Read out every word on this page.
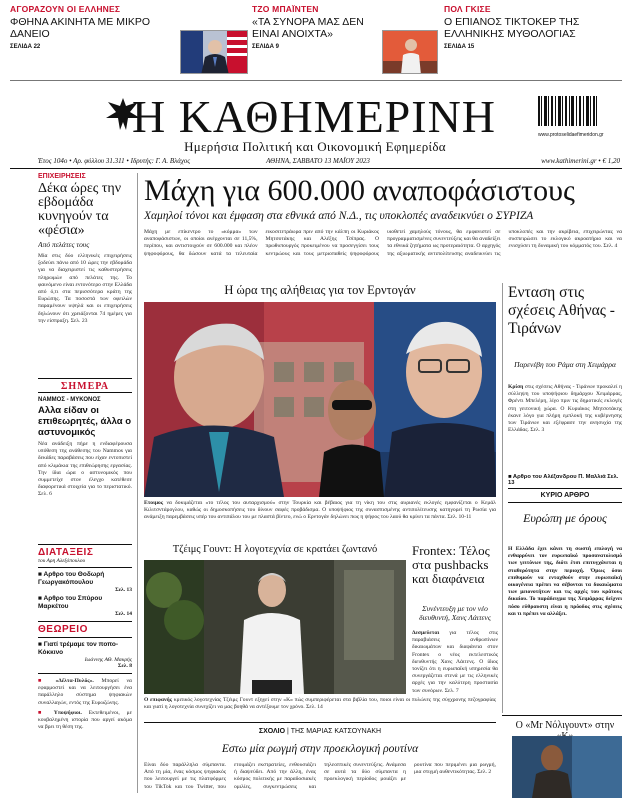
ΑΓΟΡΑΖΟΥΝ ΟΙ ΕΛΛΗΝΕΣ
ΦΘΗΝΑ ΑΚΙΝΗΤΑ ΜΕ ΜΙΚΡΟ ΔΑΝΕΙΟ
ΣΕΛΙΔΑ 22
ΤΖΟ ΜΠΑΪΝΤΕΝ
«ΤΑ ΣΥΝΟΡΑ ΜΑΣ ΔΕΝ ΕΙΝΑΙ ΑΝΟΙΧΤΑ»
ΣΕΛΙΔΑ 9
ΠΟΛ ΓΚΙΣΕ
Ο ΕΠΙΑΝΟΣ ΤΙΚΤΟΚΕΡ ΤΗΣ ΕΛΛΗΝΙΚΗΣ ΜΥΘΟΛΟΓΙΑΣ
ΣΕΛΙΔΑ 15
Η ΚΑΘΗΜΕΡΙΝΗ
Ημερήσια Πολιτική και Οικονομική Εφημερίδα
www.protoselidaefimeridon.gr
Έτος 104ο • Αρ. φύλλου 31.311 • Ιδρυτής: Γ. Α. Βλάχος	ΑΘΗΝΑ, ΣΑΒΒΑΤΟ 13 ΜΑΪΟΥ 2023	www.kathimerini.gr • € 1,20
ΕΠΙΧΕΙΡΗΣΕΙΣ
Δέκα ώρες την εβδομάδα κυνηγούν τα «φέσια»
Από πελάτες τους
Μία στις δύο ελληνικές επιχειρήσεις ξοδεύει πάνω από 10 ώρες την εβδομάδα για να διαχειριστεί τις καθυστερήσεις πληρωμών από πελάτες της. Το φαινόμενο είναι εντονότερο στην Ελλάδα από ό,τι στα περισσότερα κράτη της Ευρώπης. Τα ποσοστά των οφειλών παραμένουν υψηλά και οι επιχειρήσεις δηλώνουν ότι χρειάζονται 74 ημέρες για την είσπραξη. Σελ. 23
ΣΗΜΕΡΑ
ΝΑΜΜΟΣ - ΜΥΚΟΝΟΣ
Αλλα είδαν οι επιθεωρητές, άλλα ο αστυνομικός
Νέα ανάδειξη πήρε η ενδιαφέρουσα υπόθεση της ανάθεσης του Nammos για δεκάδες παραβάσεις που είχαν εντοπιστεί από κλιμάκια της επιθεώρησης εργασίας. Την ίδια ώρα ο αστυνομικός που συμμετείχε στον έλεγχο κατέθεσε διαφορετικά στοιχεία για το περιστατικό. Σελ. 6
ΔΙΑΤΑΞΕΙΣ
του Αρη Αλεξόπουλου
■ Αρθρο του Θοδωρή Γεωργακόπουλου
Σελ. 13
■ Αρθρο του Σπύρου Μαρκέτου
Σελ. 14
ΘΕΩΡΕΙΟ
■ Γιατί τρέμαμε τον ποπο-Κόκκινο
Ιωάννης ΑΘ. Μακρής
Σελ. 8
■ «Δέλτα-Πυλός». Μπορεί να εφαρμοστεί και να λειτουργήσει ένα παράλληλο σύστημα ψηφιακών συναλλαγών, εντός της Ευρωζώνης.
■ Υποψήφιοι. Εκτεθειμένοι, με κουβαλημένη ιστορία που αργεί ακόμα να βρει τη θέση της.
Μάχη για 600.000 αναποφάσιστους
Χαμηλοί τόνοι και έμφαση στα εθνικά από Ν.Δ., τις υποκλοπές αναδεικνύει ο ΣΥΡΙΖΑ
Μάχη με επίκεντρο το «κόμμα» των αναποφάσιστων, οι οποίοι ανέρχονται σε 11,5%, περίπου, και αντιστοιχούν σε 600.000 και πλέον ψηφοφόρους, θα δώσουν κατά τα τελευταία εικοσιτετράωρα πριν από την κάλπη οι Κυριάκος Μητσοτάκης και Αλέξης Τσίπρας. Ο πρωθυπουργός προκειμένου να προσεγγίσει τους κεντρώους και τους μετριοπαθείς ψηφοφόρους υιοθετεί χαμηλούς τόνους, θα εμφανιστεί σε προγραμματισμένες συνεντεύξεις και θα αναδείξει τα εθνικά ζητήματα ως προτεραιότητα. Ο αρχηγός της αξιωματικής αντιπολίτευσης αναδεικνύει τις υποκλοπές και την ακρίβεια, επιχειρώντας να συσπειρώσει το εκλογικό ακροατήριο και να ενισχύσει τη δυναμική του κόμματός του. Σελ. 4
Η ώρα της αλήθειας για τον Ερντογάν
Ετοιμος να δοκιμάζεται «το τέλος του αυταρχισμού» στην Τουρκία και βέβαιος για τη νίκη του στις αυριανές εκλογές εμφανίζεται ο Κεμάλ Κιλιτσντάρογλου, καθώς οι δημοσκοπήσεις του δίνουν σαφές προβάδισμα. Ο υποψήφιος της συνασπισμένης αντιπολίτευσης κατηγορεί τη Ρωσία για ανάμειξη παρεμβάσεις υπέρ του αντιπάλου του με πλαστά βίντεο, ενώ ο Ερντογάν δηλώνει πως η ψήφος του λαού θα κρίνει τα πάντα. Σελ. 10-11
Ενταση στις σχέσεις Αθήνας - Τιράνων
Παρενέβη του Ράμα στη Χειμάρρα
Κρίση στις σχέσεις Αθήνας - Τιράνων προκαλεί η σύλληψη του υποψήφιου δημάρχου Χειμάρρας, Φρέντι Μπελέρη, λίγο πριν τις δημοτικές εκλογές στη γειτονική χώρα. Ο Κυριάκος Μητσοτάκης έκανε λόγο για πλήρη εμπλοκή της κυβέρνησης των Τιράνων και εξέφρασε την ανησυχία της Ελλάδας. Σελ. 3
■ Αρθρο του Αλέξανδρου Π. Μαλλιά Σελ. 13
ΚΥΡΙΟ ΑΡΘΡΟ
Ευρώπη με όρους
Η Ελλάδα έχει κάνει τη σωστή επιλογή να ενθαρρύνει τον ευρωπαϊκό προσανατολισμό των γειτόνων της, διότι έτσι επιτυγχάνεται η σταθερότητα στην περιοχή. Όμως όσοι επιθυμούν να ενταχθούν στην ευρωπαϊκή οικογένεια πρέπει να σέβονται τα δικαιώματα των μειονοτήτων και τις αρχές του κράτους δικαίου. Το παράδειγμα της Χειμάρρας δείχνει πόσο εύθραυστη είναι η πρόοδος στις σχέσεις και τι πρέπει να αλλάξει.
Τζέιμς Γουντ: Η λογοτεχνία σε κρατάει ζωντανό
Ο επιφανής κριτικός λογοτεχνίας Τζέιμς Γουντ εξηγεί στην «Κ» πώς συμπεριφέρεται στα βιβλία του, ποιοι είναι οι πυλώνες της σύγχρονης πεζογραφίας και γιατί η λογοτεχνία συνεχίζει να μας βοηθά να αντέξουμε τον χρόνο. Σελ. 14
Frontex: Τέλος στα pushbacks και διαφάνεια
Συνέντευξη με τον νέο διευθυντή, Χανς Λάιτενς
Δεσμεύεται για τέλος στις παραβιάσεις ανθρωπίνων δικαιωμάτων και διαφάνεια στον Frontex ο νέος εκτελεστικός διευθυντής Χανς Λάιτενς. Ο ίδιος τονίζει ότι η ευρωπαϊκή υπηρεσία θα συνεργάζεται στενά με τις ελληνικές αρχές για την καλύτερη προστασία των συνόρων. Σελ. 7
ΣΧΟΛΙΟ | ΤΗΣ ΜΑΡΙΑΣ ΚΑΤΣΟΥΝΑΚΗ
Εστω μία ρωγμή στην προεκλογική ρουτίνα
Είναι δύο παράλληλα σύμπαντα. Από τη μία, ένας κόσμος ψηφιακός που λειτουργεί με τις πλατφόρμες του TikTok και του Twitter, που ετοιμάζει εκστρατείες, ενθουσιάζει ή διαψεύδει. Από την άλλη, ένας κόσμος πολιτικής με παραδοσιακές ομιλίες, συγκεντρώσεις και τηλεοπτικές συνεντεύξεις. Ανάμεσα σε αυτά τα δύο σύμπαντα η προεκλογική περίοδος μοιάζει με ρουτίνα που περιμένει μια ρωγμή, μια στιγμή αυθεντικότητας. Σελ. 2
Ο «Μr Νόλιγουντ» στην
